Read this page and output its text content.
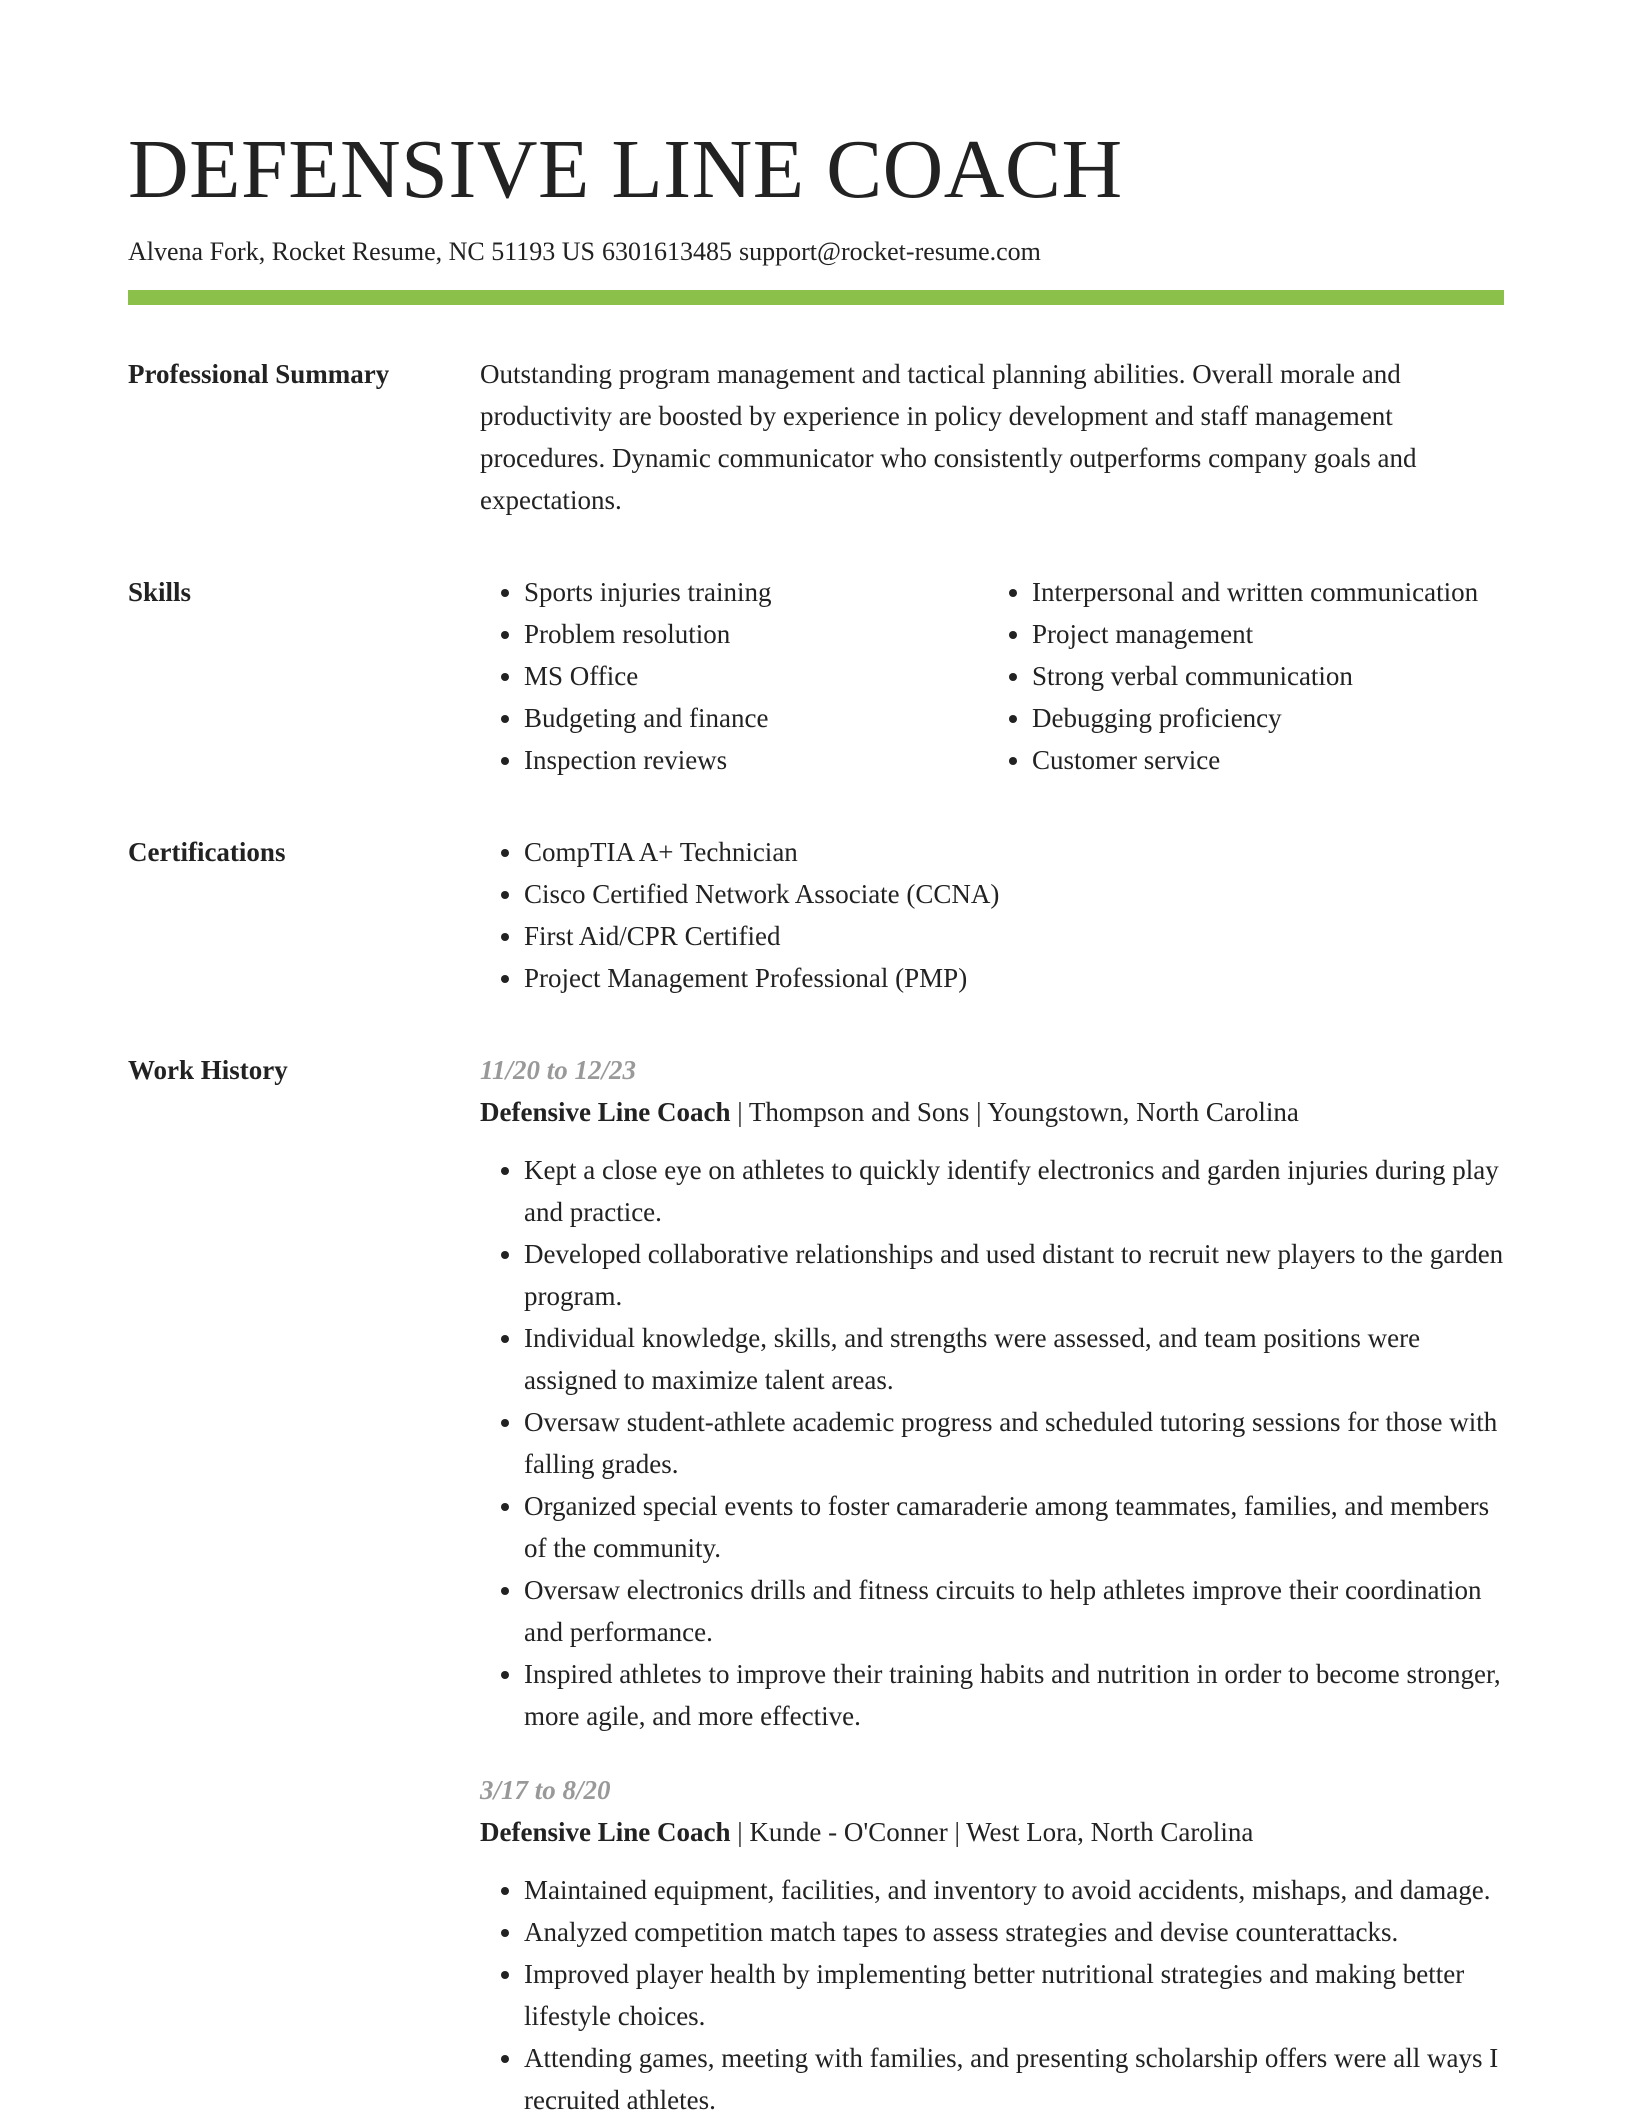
DEFENSIVE LINE COACH
Alvena Fork, Rocket Resume, NC 51193 US 6301613485 support@rocket-resume.com
Professional Summary	Outstanding program management and tactical planning abilities. Overall morale and productivity are boosted by experience in policy development and staff management procedures. Dynamic communicator who consistently outperforms company goals and expectations.

Skills	• Sports injuries training
• Problem resolution
• MS Office
• Budgeting and finance
• Inspection reviews
• Interpersonal and written communication
• Project management
• Strong verbal communication
• Debugging proficiency
• Customer service
Certifications	• CompTIA A+ Technician
• Cisco Certified Network Associate (CCNA)
• First Aid/CPR Certified
• Project Management Professional (PMP)
Work History	11/20 to 12/23
Defensive Line Coach | Thompson and Sons | Youngstown, North Carolina
• Kept a close eye on athletes to quickly identify electronics and garden injuries during play and practice.
• Developed collaborative relationships and used distant to recruit new players to the garden program.
• Individual knowledge, skills, and strengths were assessed, and team positions were assigned to maximize talent areas.
• Oversaw student-athlete academic progress and scheduled tutoring sessions for those with falling grades.
• Organized special events to foster camaraderie among teammates, families, and members of the community.
• Oversaw electronics drills and fitness circuits to help athletes improve their coordination and performance.
• Inspired athletes to improve their training habits and nutrition in order to become stronger, more agile, and more effective.
3/17 to 8/20
Defensive Line Coach | Kunde - O'Conner | West Lora, North Carolina
• Maintained equipment, facilities, and inventory to avoid accidents, mishaps, and damage.
• Analyzed competition match tapes to assess strategies and devise counterattacks.
• Improved player health by implementing better nutritional strategies and making better lifestyle choices.
• Attending games, meeting with families, and presenting scholarship offers were all ways I recruited athletes.
